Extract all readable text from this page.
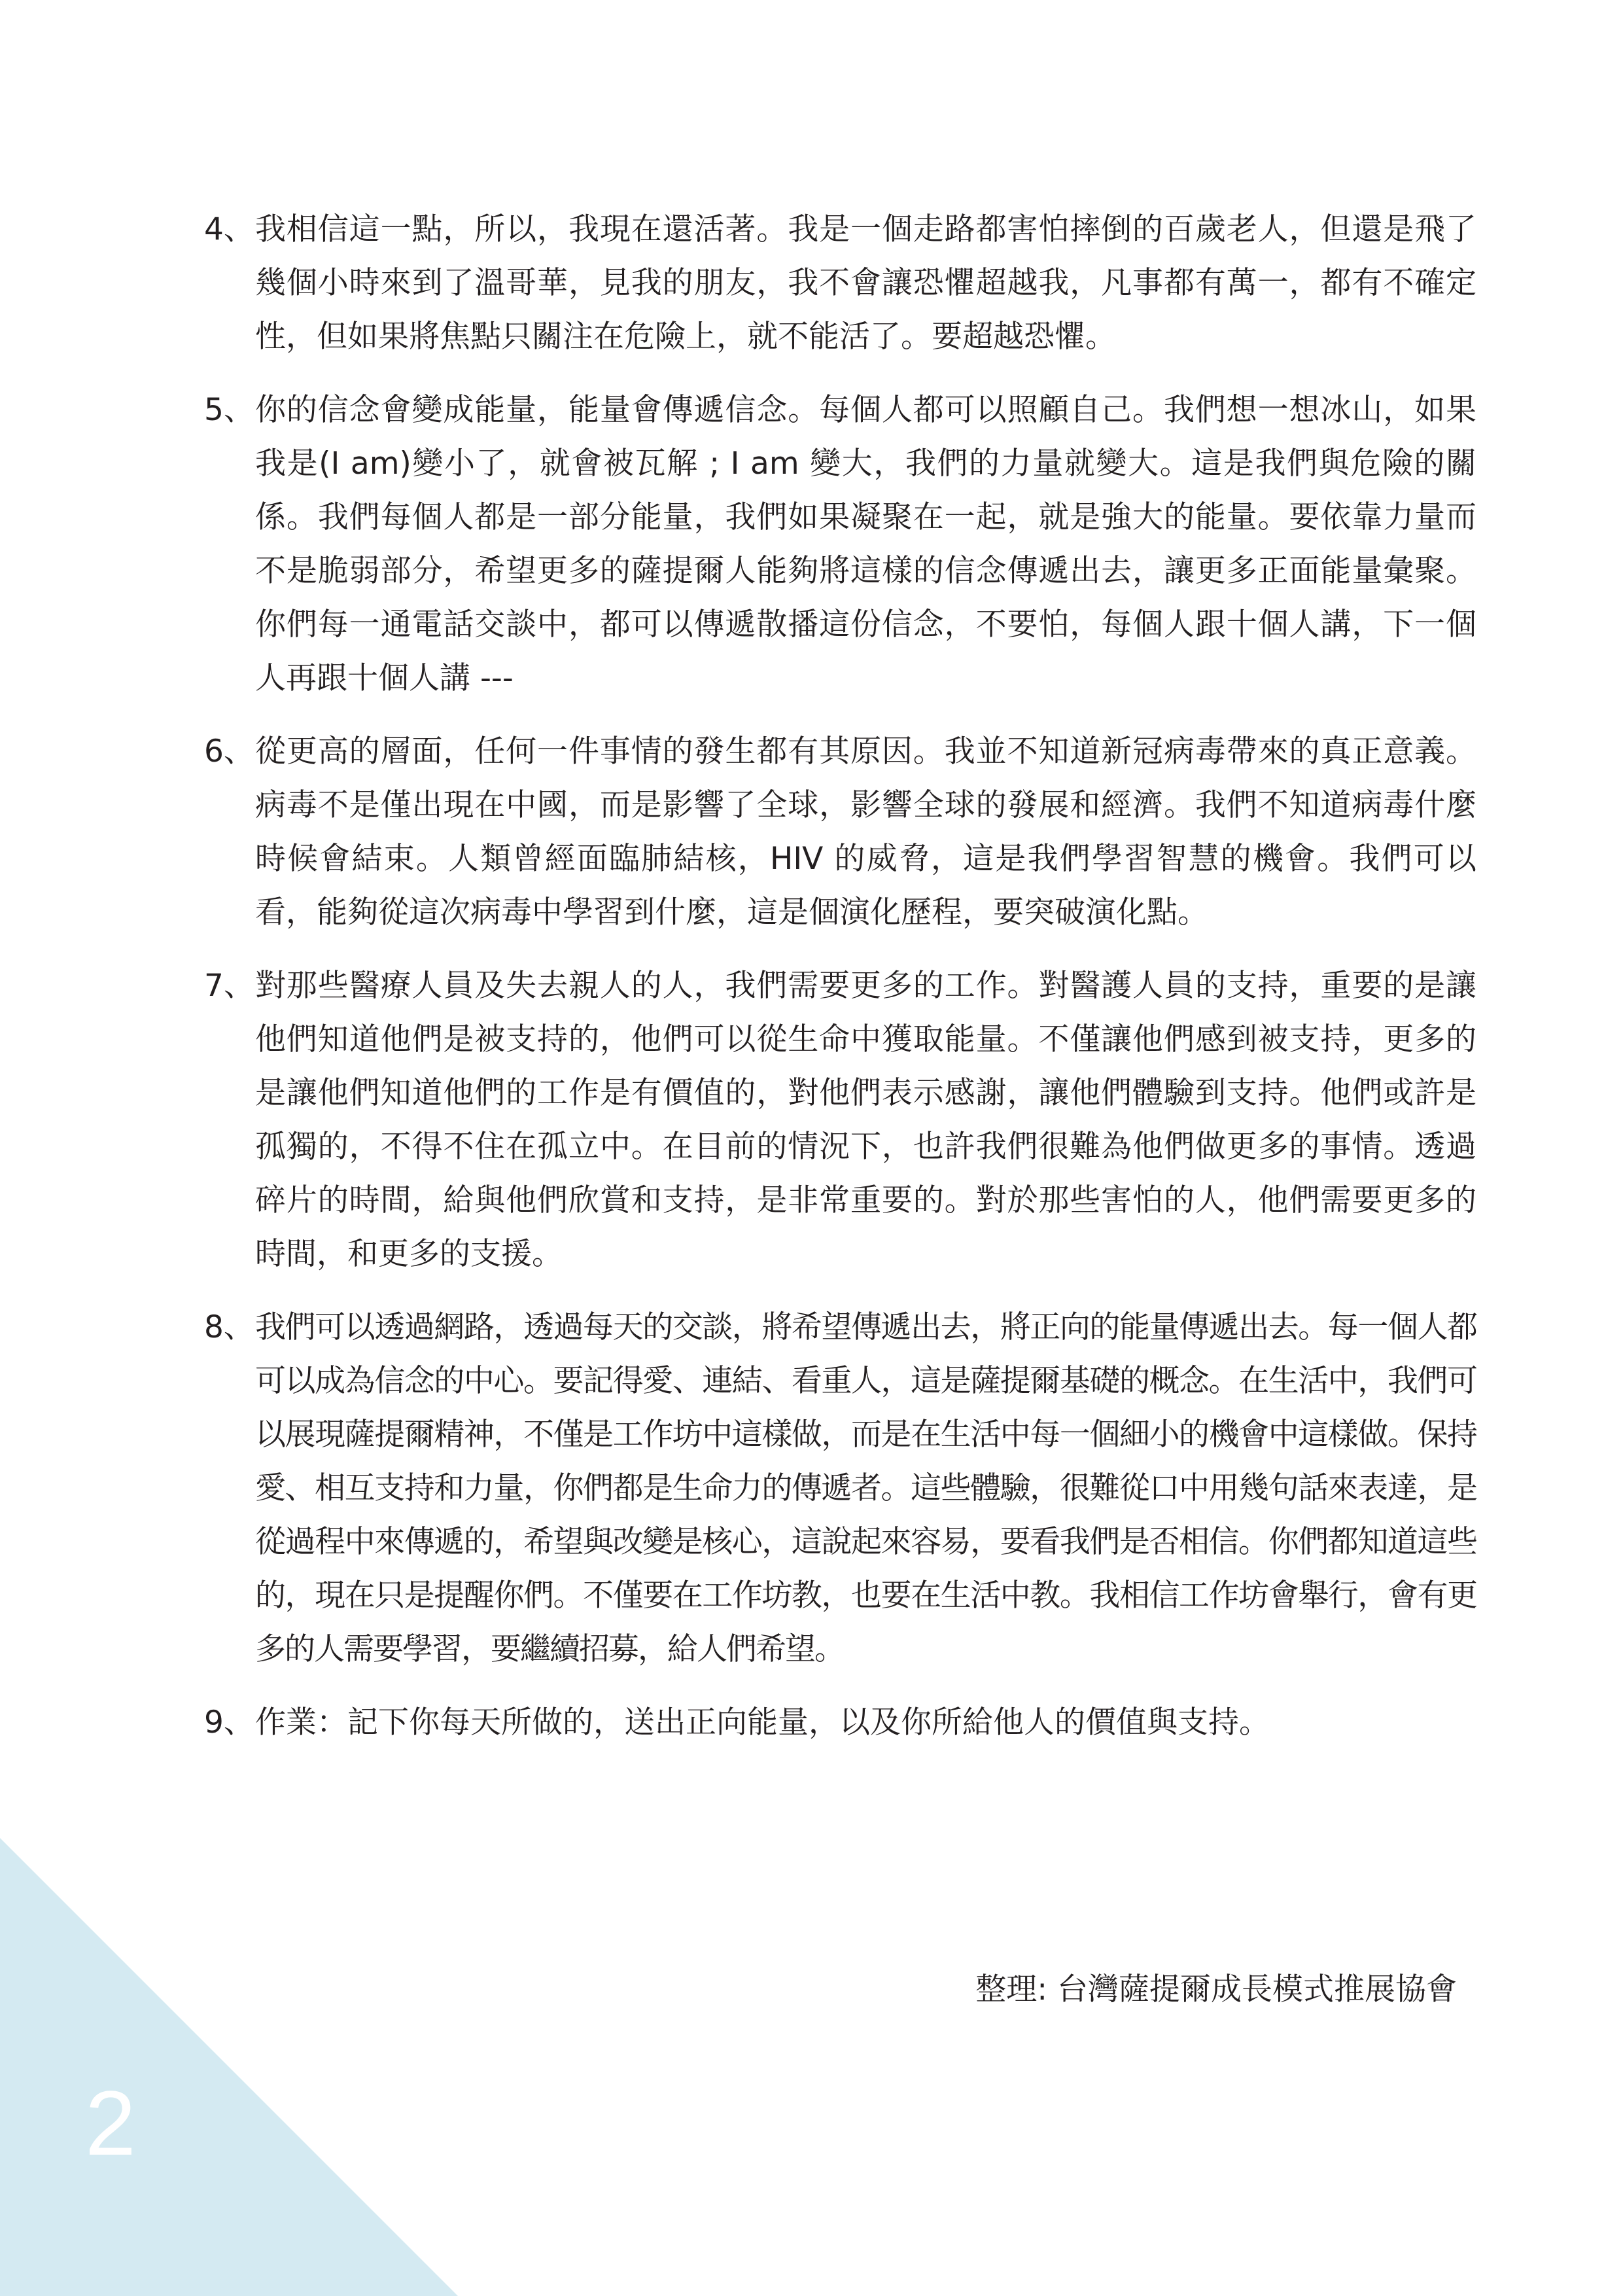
2
4、 我相信這一點，所以，我現在還活著。我是一個走路都害怕摔倒的百歲老人，但還是飛了幾個小時來到了溫哥華，見我的朋友，我不會讓恐懼超越我，凡事都有萬一，都有不確定性，但如果將焦點只關注在危險上，就不能活了。要超越恐懼。
5、 你的信念會變成能量，能量會傳遞信念。每個人都可以照顧自己。我們想一想冰山，如果我是(I am)變小了，就會被瓦解 ; I am 變大，我們的力量就變大。這是我們與危險的關係。我們每個人都是一部分能量，我們如果凝聚在一起，就是強大的能量。要依靠力量而不是脆弱部分，希望更多的薩提爾人能夠將這樣的信念傳遞出去，讓更多正面能量彙聚。你們每一通電話交談中，都可以傳遞散播這份信念，不要怕，每個人跟十個人講，下一個人再跟十個人講 ---
6、 從更高的層面，任何一件事情的發生都有其原因。我並不知道新冠病毒帶來的真正意義。病毒不是僅出現在中國，而是影響了全球，影響全球的發展和經濟。我們不知道病毒什麼時候會結束。人類曾經面臨肺結核，HIV 的威脅，這是我們學習智慧的機會。我們可以看，能夠從這次病毒中學習到什麼，這是個演化歷程，要突破演化點。
7、 對那些醫療人員及失去親人的人，我們需要更多的工作。對醫護人員的支持，重要的是讓他們知道他們是被支持的，他們可以從生命中獲取能量。不僅讓他們感到被支持，更多的是讓他們知道他們的工作是有價值的，對他們表示感謝，讓他們體驗到支持。他們或許是孤獨的，不得不住在孤立中。在目前的情況下，也許我們很難為他們做更多的事情。透過碎片的時間，給與他們欣賞和支持，是非常重要的。對於那些害怕的人，他們需要更多的時間，和更多的支援。
8、 我們可以透過網路，透過每天的交談，將希望傳遞出去，將正向的能量傳遞出去。每一個人都可以成為信念的中心。要記得愛、連結、看重人，這是薩提爾基礎的概念。在生活中，我們可以展現薩提爾精神，不僅是工作坊中這樣做，而是在生活中每一個細小的機會中這樣做。保持愛、相互支持和力量，你們都是生命力的傳遞者。這些體驗，很難從口中用幾句話來表達，是從過程中來傳遞的，希望與改變是核心，這說起來容易，要看我們是否相信。你們都知道這些的，現在只是提醒你們。不僅要在工作坊教，也要在生活中教。我相信工作坊會舉行，會有更多的人需要學習，要繼續招募，給人們希望。
9、 作業：記下你每天所做的，送出正向能量，以及你所給他人的價值與支持。
整理: 台灣薩提爾成長模式推展協會
